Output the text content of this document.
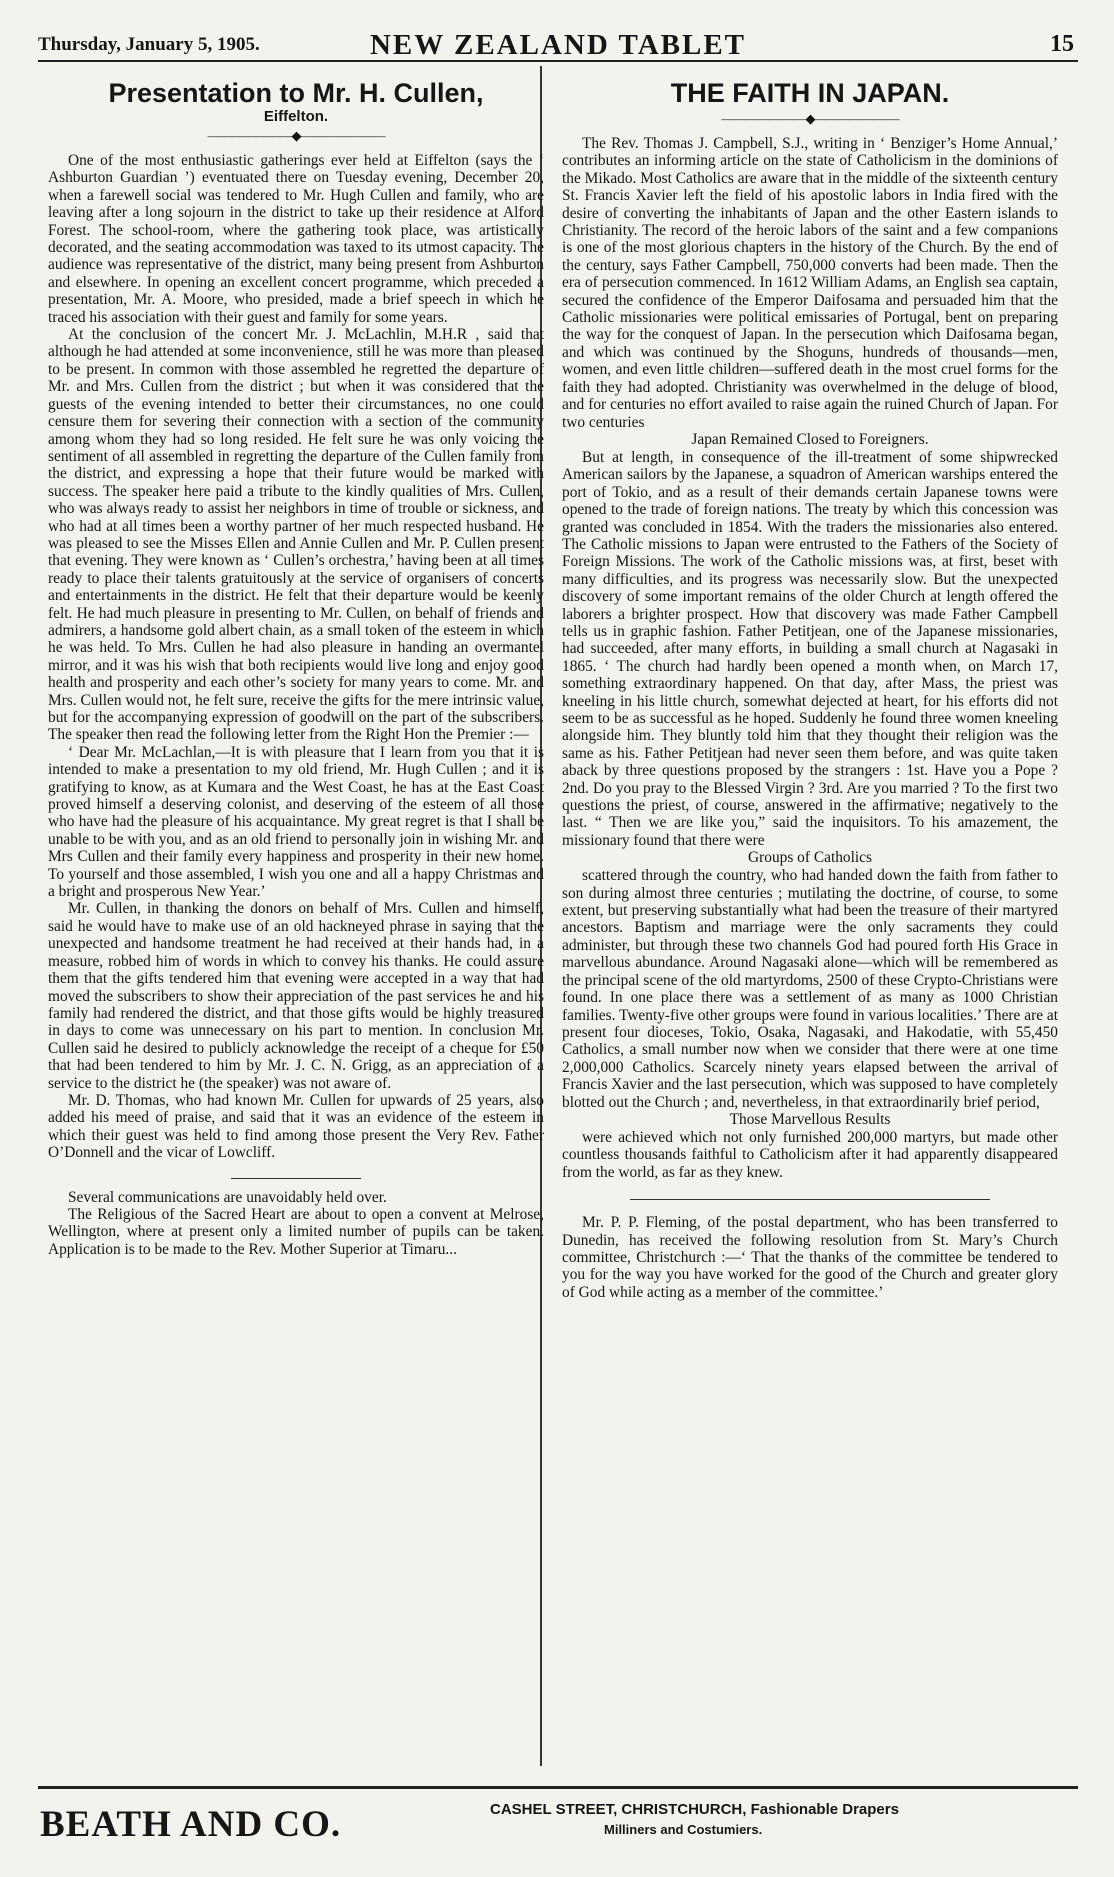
Thursday, January 5, 1905.	NEW ZEALAND TABLET	15
Presentation to Mr. H. Cullen,
Eiffelton.
———————◆———————

One of the most enthusiastic gatherings ever held at Eiffelton (says the ‘ Ashburton Guardian ’) eventuated there on Tuesday evening, December 20, when a farewell social was tendered to Mr. Hugh Cullen and family, who are leaving after a long sojourn in the district to take up their residence at Alford Forest. The school-room, where the gathering took place, was artistically decorated, and the seating accommodation was taxed to its utmost capacity. The audience was representative of the district, many being present from Ashburton and elsewhere. In opening an excellent concert programme, which preceded a presentation, Mr. A. Moore, who presided, made a brief speech in which he traced his association with their guest and family for some years.

At the conclusion of the concert Mr. J. McLachlin, M.H.R , said that although he had attended at some inconvenience, still he was more than pleased to be present. In common with those assembled he regretted the departure of Mr. and Mrs. Cullen from the district ; but when it was considered that the guests of the evening intended to better their circumstances, no one could censure them for severing their connection with a section of the community among whom they had so long resided. He felt sure he was only voicing the sentiment of all assembled in regretting the departure of the Cullen family from the district, and expressing a hope that their future would be marked with success. The speaker here paid a tribute to the kindly qualities of Mrs. Cullen, who was always ready to assist her neighbors in time of trouble or sickness, and who had at all times been a worthy partner of her much respected husband. He was pleased to see the Misses Ellen and Annie Cullen and Mr. P. Cullen present that evening. They were known as ‘ Cullen’s orchestra,’ having been at all times ready to place their talents gratuitously at the service of organisers of concerts and entertainments in the district. He felt that their departure would be keenly felt. He had much pleasure in presenting to Mr. Cullen, on behalf of friends and admirers, a handsome gold albert chain, as a small token of the esteem in which he was held. To Mrs. Cullen he had also pleasure in handing an overmantel mirror, and it was his wish that both recipients would live long and enjoy good health and prosperity and each other’s society for many years to come. Mr. and Mrs. Cullen would not, he felt sure, receive the gifts for the mere intrinsic value, but for the accompanying expression of goodwill on the part of the subscribers. The speaker then read the following letter from the Right Hon the Premier :—

‘ Dear Mr. McLachlan,—It is with pleasure that I learn from you that it is intended to make a presentation to my old friend, Mr. Hugh Cullen ; and it is gratifying to know, as at Kumara and the West Coast, he has at the East Coast proved himself a deserving colonist, and deserving of the esteem of all those who have had the pleasure of his acquaintance. My great regret is that I shall be unable to be with you, and as an old friend to personally join in wishing Mr. and Mrs Cullen and their family every happiness and prosperity in their new home. To yourself and those assembled, I wish you one and all a happy Christmas and a bright and prosperous New Year.’

Mr. Cullen, in thanking the donors on behalf of Mrs. Cullen and himself, said he would have to make use of an old hackneyed phrase in saying that the unexpected and handsome treatment he had received at their hands had, in a measure, robbed him of words in which to convey his thanks. He could assure them that the gifts tendered him that evening were accepted in a way that had moved the subscribers to show their appreciation of the past services he and his family had rendered the district, and that those gifts would be highly treasured in days to come was unnecessary on his part to mention. In conclusion Mr. Cullen said he desired to publicly acknowledge the receipt of a cheque for £50 that had been tendered to him by Mr. J. C. N. Grigg, as an appreciation of a service to the district he (the speaker) was not aware of.

Mr. D. Thomas, who had known Mr. Cullen for upwards of 25 years, also added his meed of praise, and said that it was an evidence of the esteem in which their guest was held to find among those present the Very Rev. Father O’Donnell and the vicar of Lowcliff.

Several communications are unavoidably held over.

The Religious of the Sacred Heart are about to open a convent at Melrose, Wellington, where at present only a limited number of pupils can be taken. Application is to be made to the Rev. Mother Superior at Timaru...

THE FAITH IN JAPAN.
———————◆———————

The Rev. Thomas J. Campbell, S.J., writing in ‘ Benziger’s Home Annual,’ contributes an informing article on the state of Catholicism in the dominions of the Mikado. Most Catholics are aware that in the middle of the sixteenth century St. Francis Xavier left the field of his apostolic labors in India fired with the desire of converting the inhabitants of Japan and the other Eastern islands to Christianity. The record of the heroic labors of the saint and a few companions is one of the most glorious chapters in the history of the Church. By the end of the century, says Father Campbell, 750,000 converts had been made. Then the era of persecution commenced. In 1612 William Adams, an English sea captain, secured the confidence of the Emperor Daifosama and persuaded him that the Catholic missionaries were political emissaries of Portugal, bent on preparing the way for the conquest of Japan. In the persecution which Daifosama began, and which was continued by the Shoguns, hundreds of thousands—men, women, and even little children—suffered death in the most cruel forms for the faith they had adopted. Christianity was overwhelmed in the deluge of blood, and for centuries no effort availed to raise again the ruined Church of Japan. For two centuries

Japan Remained Closed to Foreigners.

But at length, in consequence of the ill-treatment of some shipwrecked American sailors by the Japanese, a squadron of American warships entered the port of Tokio, and as a result of their demands certain Japanese towns were opened to the trade of foreign nations. The treaty by which this concession was granted was concluded in 1854. With the traders the missionaries also entered. The Catholic missions to Japan were entrusted to the Fathers of the Society of Foreign Missions. The work of the Catholic missions was, at first, beset with many difficulties, and its progress was necessarily slow. But the unexpected discovery of some important remains of the older Church at length offered the laborers a brighter prospect. How that discovery was made Father Campbell tells us in graphic fashion. Father Petitjean, one of the Japanese missionaries, had succeeded, after many efforts, in building a small church at Nagasaki in 1865. ‘ The church had hardly been opened a month when, on March 17, something extraordinary happened. On that day, after Mass, the priest was kneeling in his little church, somewhat dejected at heart, for his efforts did not seem to be as successful as he hoped. Suddenly he found three women kneeling alongside him. They bluntly told him that they thought their religion was the same as his. Father Petitjean had never seen them before, and was quite taken aback by three questions proposed by the strangers : 1st. Have you a Pope ? 2nd. Do you pray to the Blessed Virgin ? 3rd. Are you married ? To the first two questions the priest, of course, answered in the affirmative; negatively to the last. “ Then we are like you,” said the inquisitors. To his amazement, the missionary found that there were

Groups of Catholics

scattered through the country, who had handed down the faith from father to son during almost three centuries ; mutilating the doctrine, of course, to some extent, but preserving substantially what had been the treasure of their martyred ancestors. Baptism and marriage were the only sacraments they could administer, but through these two channels God had poured forth His Grace in marvellous abundance. Around Nagasaki alone—which will be remembered as the principal scene of the old martyrdoms, 2500 of these Crypto-Christians were found. In one place there was a settlement of as many as 1000 Christian families. Twenty-five other groups were found in various localities.’ There are at present four dioceses, Tokio, Osaka, Nagasaki, and Hakodatie, with 55,450 Catholics, a small number now when we consider that there were at one time 2,000,000 Catholics. Scarcely ninety years elapsed between the arrival of Francis Xavier and the last persecution, which was supposed to have completely blotted out the Church ; and, nevertheless, in that extraordinarily brief period,

Those Marvellous Results

were achieved which not only furnished 200,000 martyrs, but made other countless thousands faithful to Catholicism after it had apparently disappeared from the world, as far as they knew.

Mr. P. P. Fleming, of the postal department, who has been transferred to Dunedin, has received the following resolution from St. Mary’s Church committee, Christchurch :—‘ That the thanks of the committee be tendered to you for the way you have worked for the good of the Church and greater glory of God while acting as a member of the committee.’

BEATH AND CO.	CASHEL STREET, CHRISTCHURCH, Fashionable Drapers
Milliners and Costumiers.
